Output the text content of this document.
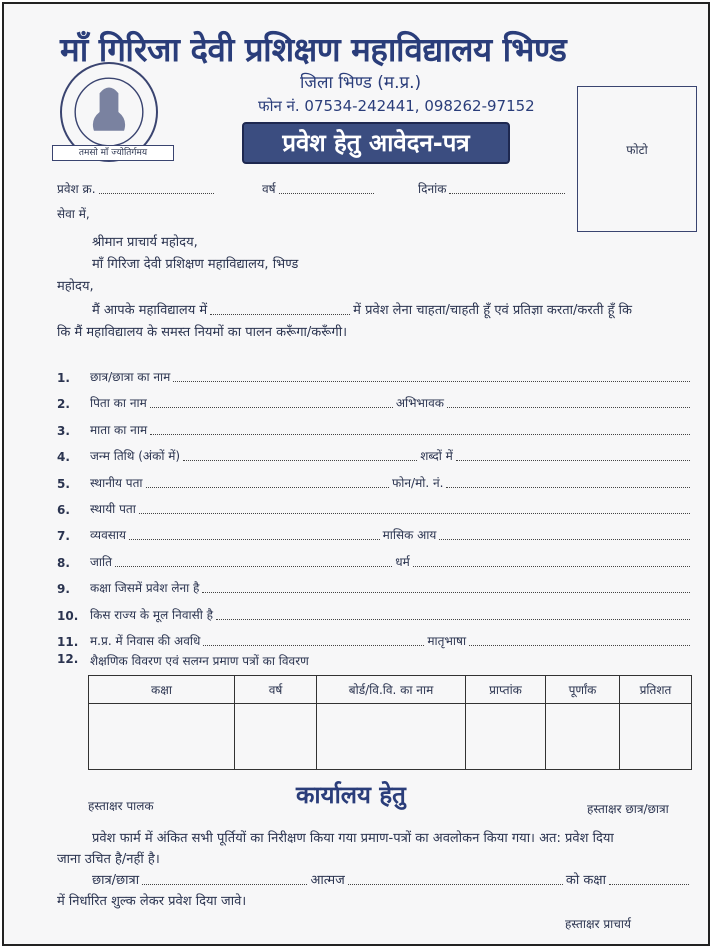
माँ गिरिजा देवी प्रशिक्षण महाविद्यालय भिण्ड
जिला भिण्ड (म.प्र.)
फोन नं. 07534-242441, 098262-97152
तमसो माँ ज्योतिर्गमय	प्रवेश हेतु आवेदन-पत्र	फोटो
प्रवेश क्र.	वर्ष	दिनांक
सेवा में,
श्रीमान प्राचार्य महोदय,
माँ गिरिजा देवी प्रशिक्षण महाविद्यालय, भिण्ड
महोदय,
मैं आपके महाविद्यालय में	में प्रवेश लेना चाहता/चाहती हूँ एवं प्रतिज्ञा करता/करती हूँ कि
कि मैं महाविद्यालय के समस्त नियमों का पालन करूँगा/करूँगी।
1.	छात्र/छात्रा का नाम
2.	पिता का नाम	अभिभावक
3.	माता का नाम
4.	जन्म तिथि (अंकों में)	शब्दों में
5.	स्थानीय पता	फोन/मो. नं.
6.	स्थायी पता
7.	व्यवसाय	मासिक आय
8.	जाति	धर्म
9.	कक्षा जिसमें प्रवेश लेना है
10. किस राज्य के मूल निवासी है
11. म.प्र. में निवास की अवधि	मातृभाषा
12. शैक्षणिक विवरण एवं सलग्न प्रमाण पत्रों का विवरण
कक्षा	वर्ष	बोर्ड/वि.वि. का नाम	प्राप्तांक	पूर्णांक	प्रतिशत

हस्ताक्षर पालक	कार्यालय हेतु	हस्ताक्षर छात्र/छात्रा
प्रवेश फार्म में अंकित सभी पूर्तियों का निरीक्षण किया गया प्रमाण-पत्रों का अवलोकन किया गया। अत: प्रवेश दिया
जाना उचित है/नहीं है।
छात्र/छात्रा	आत्मज	को कक्षा
में निर्धारित शुल्क लेकर प्रवेश दिया जावे।
हस्ताक्षर प्राचार्य
